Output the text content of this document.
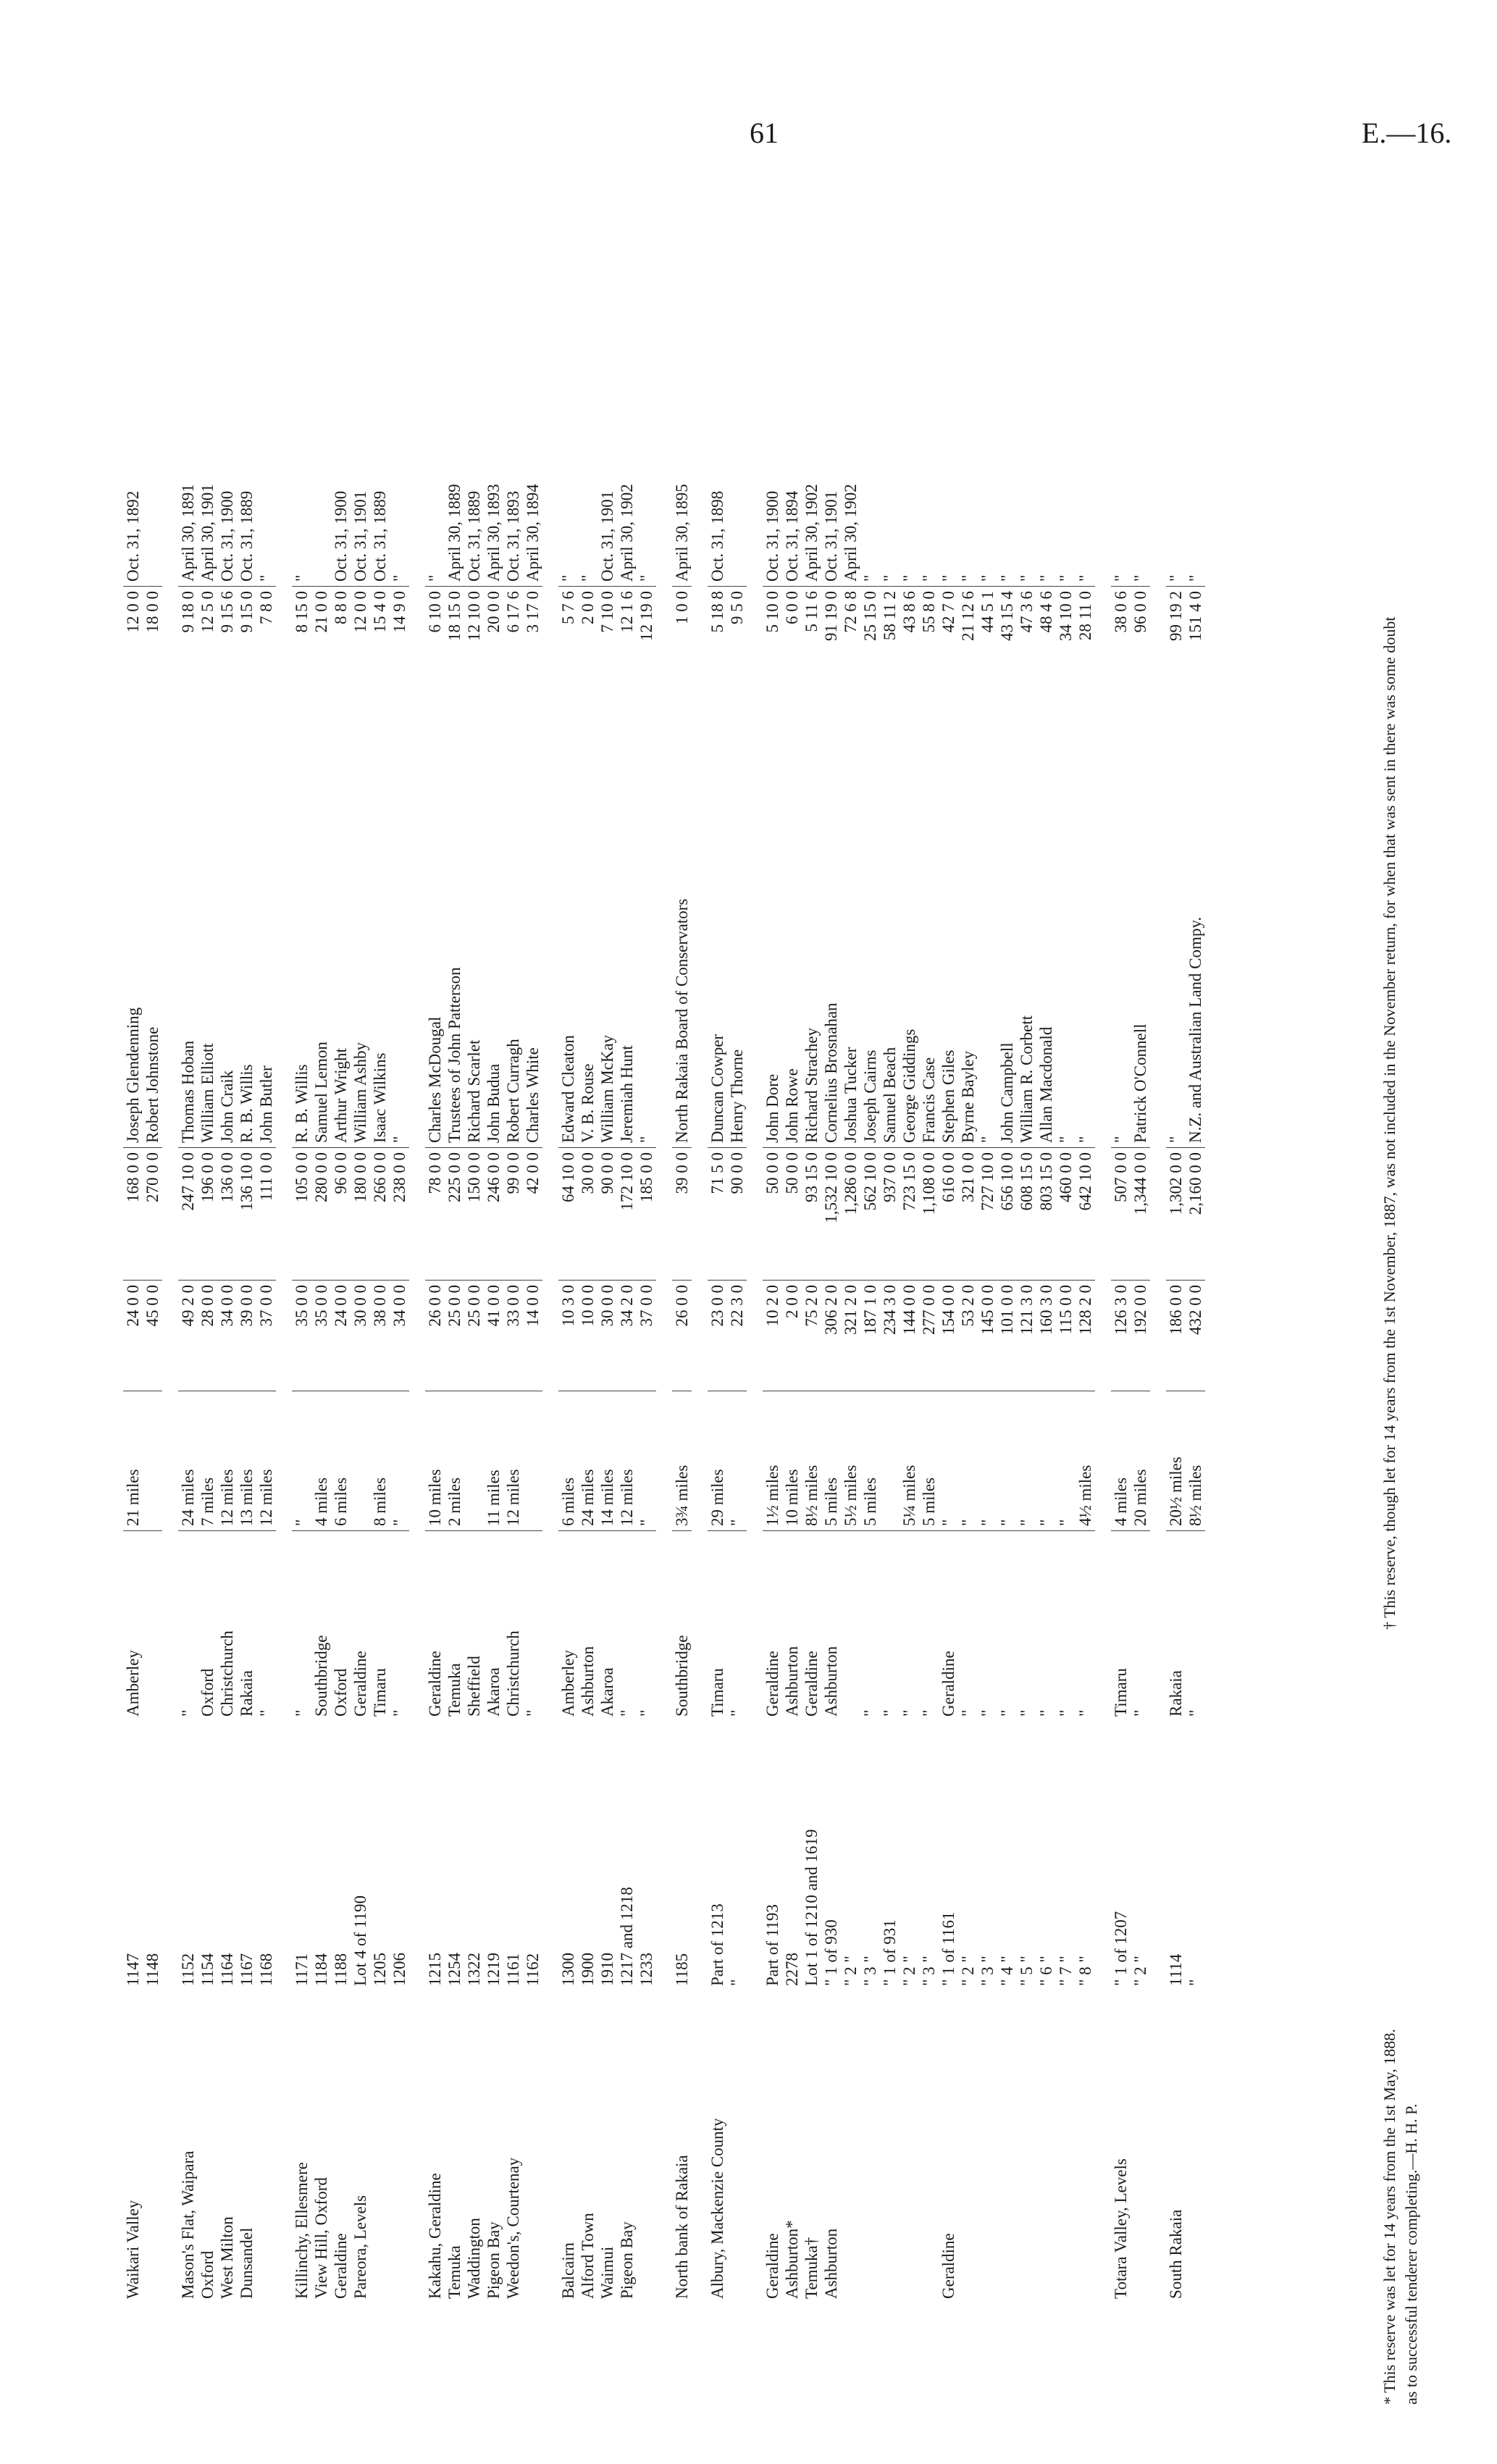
61	E.—16.
Waikari Valley	1147	Amberley	21 miles	24 0 0	168 0 0	Joseph Glendenning	12 0 0	Oct. 31, 1892
	1148			45 0 0	270 0 0	Robert Johnstone	18 0 0	

Mason's Flat, Waipara	1152	"	24 miles	49 2 0	247 10 0	Thomas Hoban	9 18 0	April 30, 1891
Oxford	1154	Oxford	7 miles	28 0 0	196 0 0	William Elliott	12 5 0	April 30, 1901
West Milton	1164	Christchurch	12 miles	34 0 0	136 0 0	John Craik	9 15 6	Oct. 31, 1900
Dunsandel	1167	Rakaia	13 miles	39 0 0	136 10 0	R. B. Willis	9 15 0	Oct. 31, 1889
	1168	"	12 miles	37 0 0	111 0 0	John Butler	7 8 0	"

Killinchy, Ellesmere	1171	"	"	35 0 0	105 0 0	R. B. Willis	8 15 0	"
View Hill, Oxford	1184	Southbridge	4 miles	35 0 0	280 0 0	Samuel Lemon	21 0 0	
Geraldine	1188	Oxford	6 miles	24 0 0	96 0 0	Arthur Wright	8 8 0	Oct. 31, 1900
Pareora, Levels	Lot 4 of 1190	Geraldine		30 0 0	180 0 0	William Ashby	12 0 0	Oct. 31, 1901
	1205	Timaru	8 miles	38 0 0	266 0 0	Isaac Wilkins	15 4 0	Oct. 31, 1889
	1206	"	"	34 0 0	238 0 0	"	14 9 0	"

Kakahu, Geraldine	1215	Geraldine	10 miles	26 0 0	78 0 0	Charles McDougal	6 10 0	"
Temuka	1254	Temuka	2 miles	25 0 0	225 0 0	Trustees of John Patterson	18 15 0	April 30, 1889
Waddington	1322	Sheffield		25 0 0	150 0 0	Richard Scarlet	12 10 0	Oct. 31, 1889
Pigeon Bay	1219	Akaroa	11 miles	41 0 0	246 0 0	John Budua	20 0 0	April 30, 1893
Weedon's, Courtenay	1161	Christchurch	12 miles	33 0 0	99 0 0	Robert Curragh	6 17 6	Oct. 31, 1893
	1162	"		14 0 0	42 0 0	Charles White	3 17 0	April 30, 1894

Balcairn	1300	Amberley	6 miles	10 3 0	64 10 0	Edward Cleaton	5 7 6	"
Alford Town	1900	Ashburton	24 miles	10 0 0	30 0 0	V. B. Rouse	2 0 0	"
Waimui	1910	Akaroa	14 miles	30 0 0	90 0 0	William McKay	7 10 0	Oct. 31, 1901
Pigeon Bay	1217 and 1218	"	12 miles	34 2 0	172 10 0	Jeremiah Hunt	12 1 6	April 30, 1902
	1233	"	"	37 0 0	185 0 0	"	12 19 0	"

North bank of Rakaia	1185	Southbridge	3¾ miles	26 0 0	39 0 0	North Rakaia Board of Conservators	1 0 0	April 30, 1895

Albury, Mackenzie County	Part of 1213	Timaru	29 miles	23 0 0	71 5 0	Duncan Cowper	5 18 8	Oct. 31, 1898
	"	"	"	22 3 0	90 0 0	Henry Thorne	9 5 0	

Geraldine	Part of 1193	Geraldine	1½ miles	10 2 0	50 0 0	John Dore	5 10 0	Oct. 31, 1900
Ashburton*	2278	Ashburton	10 miles	2 0 0	50 0 0	John Rowe	6 0 0	Oct. 31, 1894
Temuka†	Lot 1 of 1210 and 1619	Geraldine	8½ miles	75 2 0	93 15 0	Richard Strachey	5 11 6	April 30, 1902
Ashburton	" 1 of 930	Ashburton	5 miles	306 2 0	1,532 10 0	Cornelius Brosnahan	91 19 0	Oct. 31, 1901
	" 2 "		5½ miles	321 2 0	1,286 0 0	Joshua Tucker	72 6 8	April 30, 1902
	" 3 "	"	5 miles	187 1 0	562 10 0	Joseph Cairns	25 15 0	"
	" 1 of 931	"		234 3 0	937 0 0	Samuel Beach	58 11 2	"
	" 2 "	"	5¼ miles	144 0 0	723 15 0	George Giddings	43 8 6	"
	" 3 "	"	5 miles	277 0 0	1,108 0 0	Francis Case	55 8 0	"
Geraldine	" 1 of 1161	Geraldine	"	154 0 0	616 0 0	Stephen Giles	42 7 0	"
	" 2 "	"	"	53 2 0	321 0 0	Byrne Bayley	21 12 6	"
	" 3 "	"	"	145 0 0	727 10 0	"	44 5 1	"
	" 4 "	"	"	101 0 0	656 10 0	John Campbell	43 15 4	"
	" 5 "	"	"	121 3 0	608 15 0	William R. Corbett	47 3 6	"
	" 6 "	"	"	160 3 0	803 15 0	Allan Macdonald	48 4 6	"
	" 7 "	"	"	115 0 0	460 0 0	"	34 10 0	"
	" 8 "	"	4½ miles	128 2 0	642 10 0	"	28 11 0	"

Totara Valley, Levels	" 1 of 1207	Timaru	4 miles	126 3 0	507 0 0	"	38 0 6	"
	" 2 "	"	20 miles	192 0 0	1,344 0 0	Patrick O'Connell	96 0 0	"

South Rakaia	1114	Rakaia	20½ miles	186 0 0	1,302 0 0	"	99 19 2	"
	"	"	8½ miles	432 0 0	2,160 0 0	N.Z. and Australian Land Compy.	151 4 0	"
* This reserve was let for 14 years from the 1st May, 1888. as to successful tenderer completing.—H. H. P.
† This reserve, though let for 14 years from the 1st November, 1887, was not included in the November return, for when that was sent in there was some doubt
